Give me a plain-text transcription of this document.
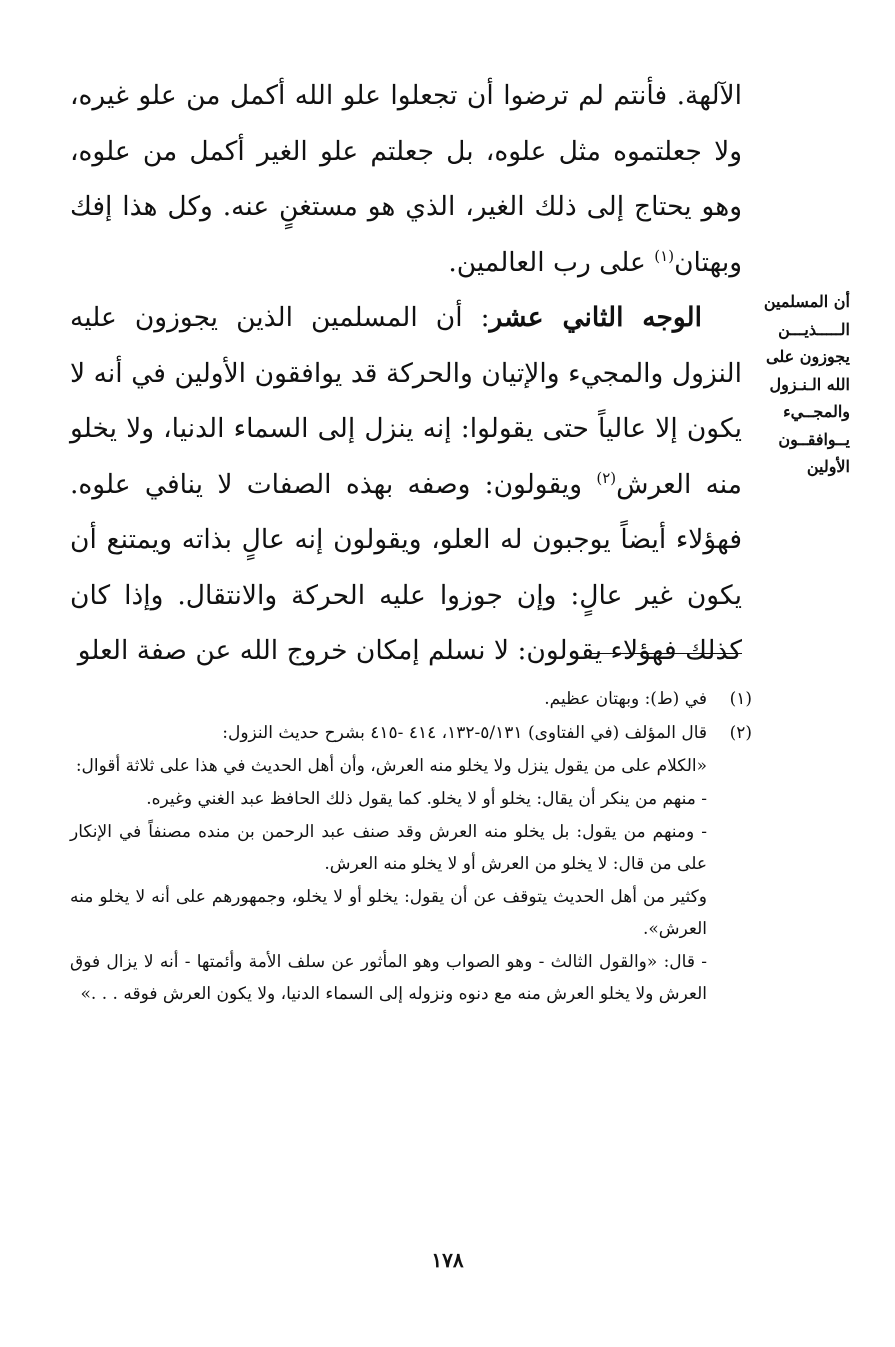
الآلهة. فأنتم لم ترضوا أن تجعلوا علو الله أكمل من علو غيره، ولا جعلتموه مثل علوه، بل جعلتم علو الغير أكمل من علوه، وهو يحتاج إلى ذلك الغير، الذي هو مستغنٍ عنه. وكل هذا إفك وبهتان$^{(١)}$ على رب العالمين.

الوجه الثاني عشر: أن المسلمين الذين يجوزون عليه النزول والمجيء والإتيان والحركة قد يوافقون الأولين في أنه لا يكون إلا عالياً حتى يقولوا: إنه ينزل إلى السماء الدنيا، ولا يخلو منه العرش$^{(٢)}$ ويقولون: وصفه بهذه الصفات لا ينافي علوه. فهؤلاء أيضاً يوجبون له العلو، ويقولون إنه عالٍ بذاته ويمتنع أن يكون غير عالٍ: وإن جوزوا عليه الحركة والانتقال. وإذا كان كذلك فهؤلاء يقولون: لا نسلم إمكان خروج الله عن صفة العلو

أن المسلمين
الـــــذيـــن
يجوزون على
الله الـنـزول
والمجــيء
يــوافقــون
الأولين
(١)
في (ط): وبهتان عظيم.
(٢)
قال المؤلف (في الفتاوى) ٥/١٣١-١٣٢، ٤١٤ -٤١٥ بشرح حديث النزول:
«الكلام على من يقول ينزل ولا يخلو منه العرش، وأن أهل الحديث في هذا على ثلاثة أقوال:
- منهم من ينكر أن يقال: يخلو أو لا يخلو. كما يقول ذلك الحافظ عبد الغني وغيره.
- ومنهم من يقول: بل يخلو منه العرش وقد صنف عبد الرحمن بن منده مصنفاً في الإنكار على من قال: لا يخلو من العرش أو لا يخلو منه العرش.
وكثير من أهل الحديث يتوقف عن أن يقول: يخلو أو لا يخلو، وجمهورهم على أنه لا يخلو منه العرش».
- قال: «والقول الثالث - وهو الصواب وهو المأثور عن سلف الأمة وأئمتها - أنه لا يزال فوق العرش ولا يخلو العرش منه مع دنوه ونزوله إلى السماء الدنيا، ولا يكون العرش فوقه . . .»
١٧٨
